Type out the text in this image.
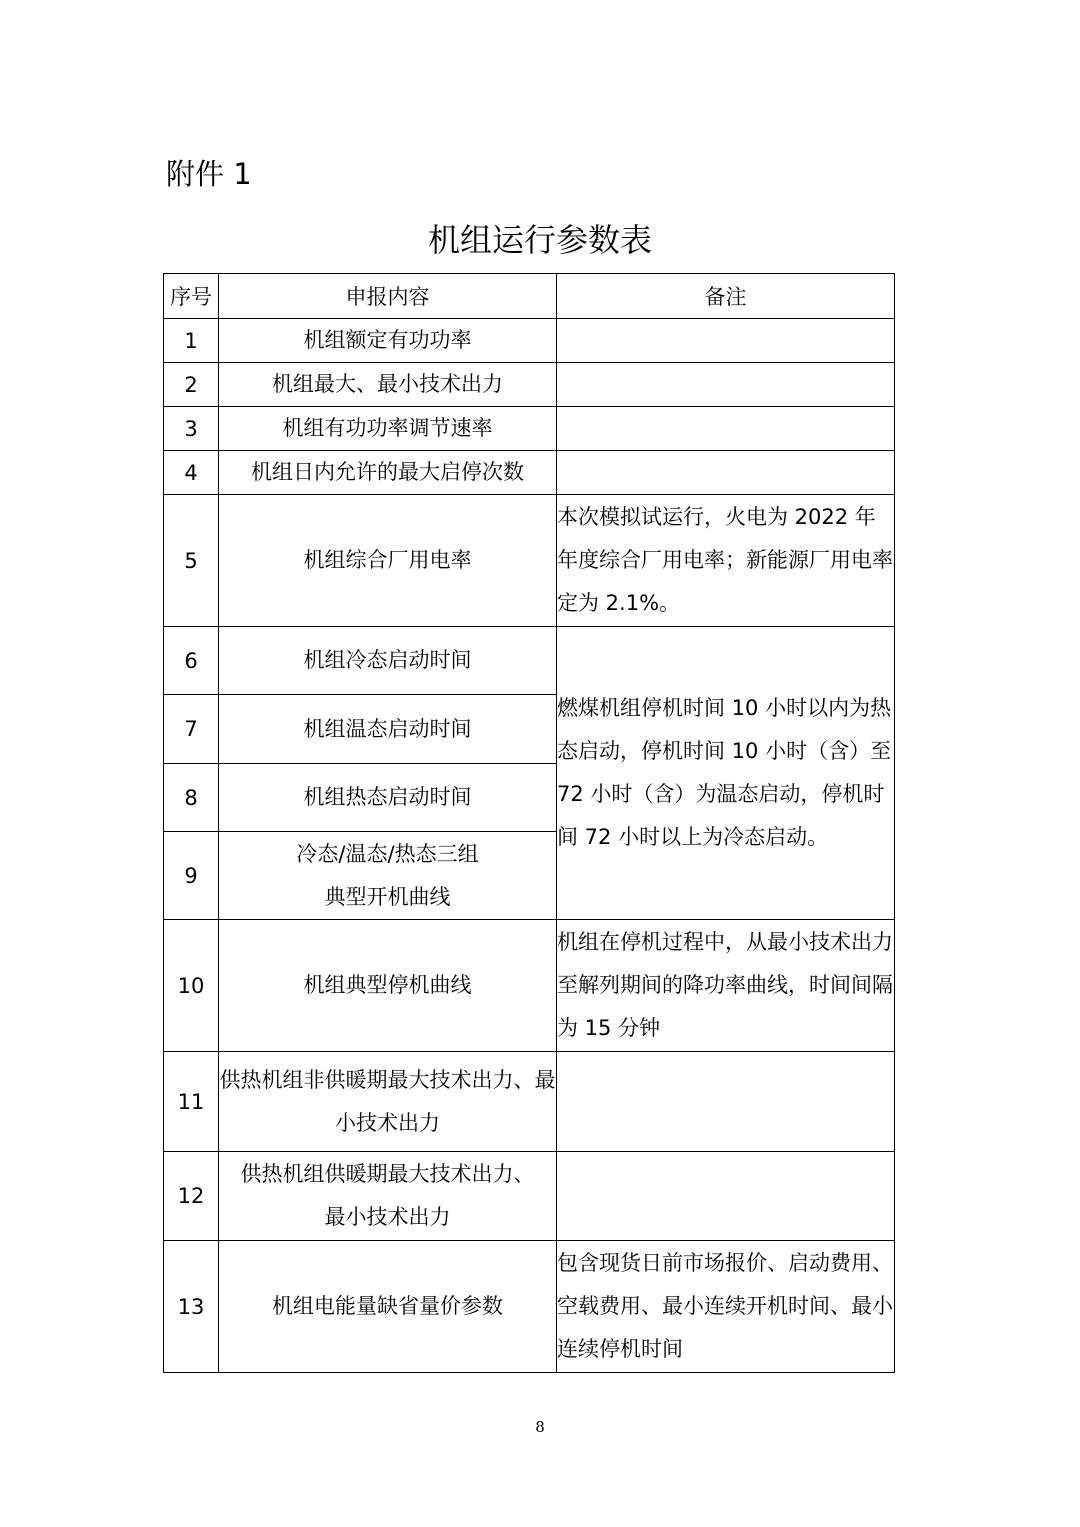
附件 1
机组运行参数表
序号	申报内容	备注
1	机组额定有功功率	
2	机组最大、最小技术出力	
3	机组有功功率调节速率	
4	机组日内允许的最大启停次数	
5	机组综合厂用电率	本次模拟试运行，火电为 2022 年年度综合厂用电率；新能源厂用电率定为 2.1%。
6	机组冷态启动时间	燃煤机组停机时间 10 小时以内为热态启动，停机时间 10 小时（含）至 72 小时（含）为温态启动，停机时间 72 小时以上为冷态启动。
7	机组温态启动时间	
8	机组热态启动时间	
9	冷态/温态/热态三组典型开机曲线	
10	机组典型停机曲线	机组在停机过程中，从最小技术出力至解列期间的降功率曲线，时间间隔为 15 分钟
11	供热机组非供暖期最大技术出力、最小技术出力	
12	供热机组供暖期最大技术出力、最小技术出力	
13	机组电能量缺省量价参数	包含现货日前市场报价、启动费用、空载费用、最小连续开机时间、最小连续停机时间
8
